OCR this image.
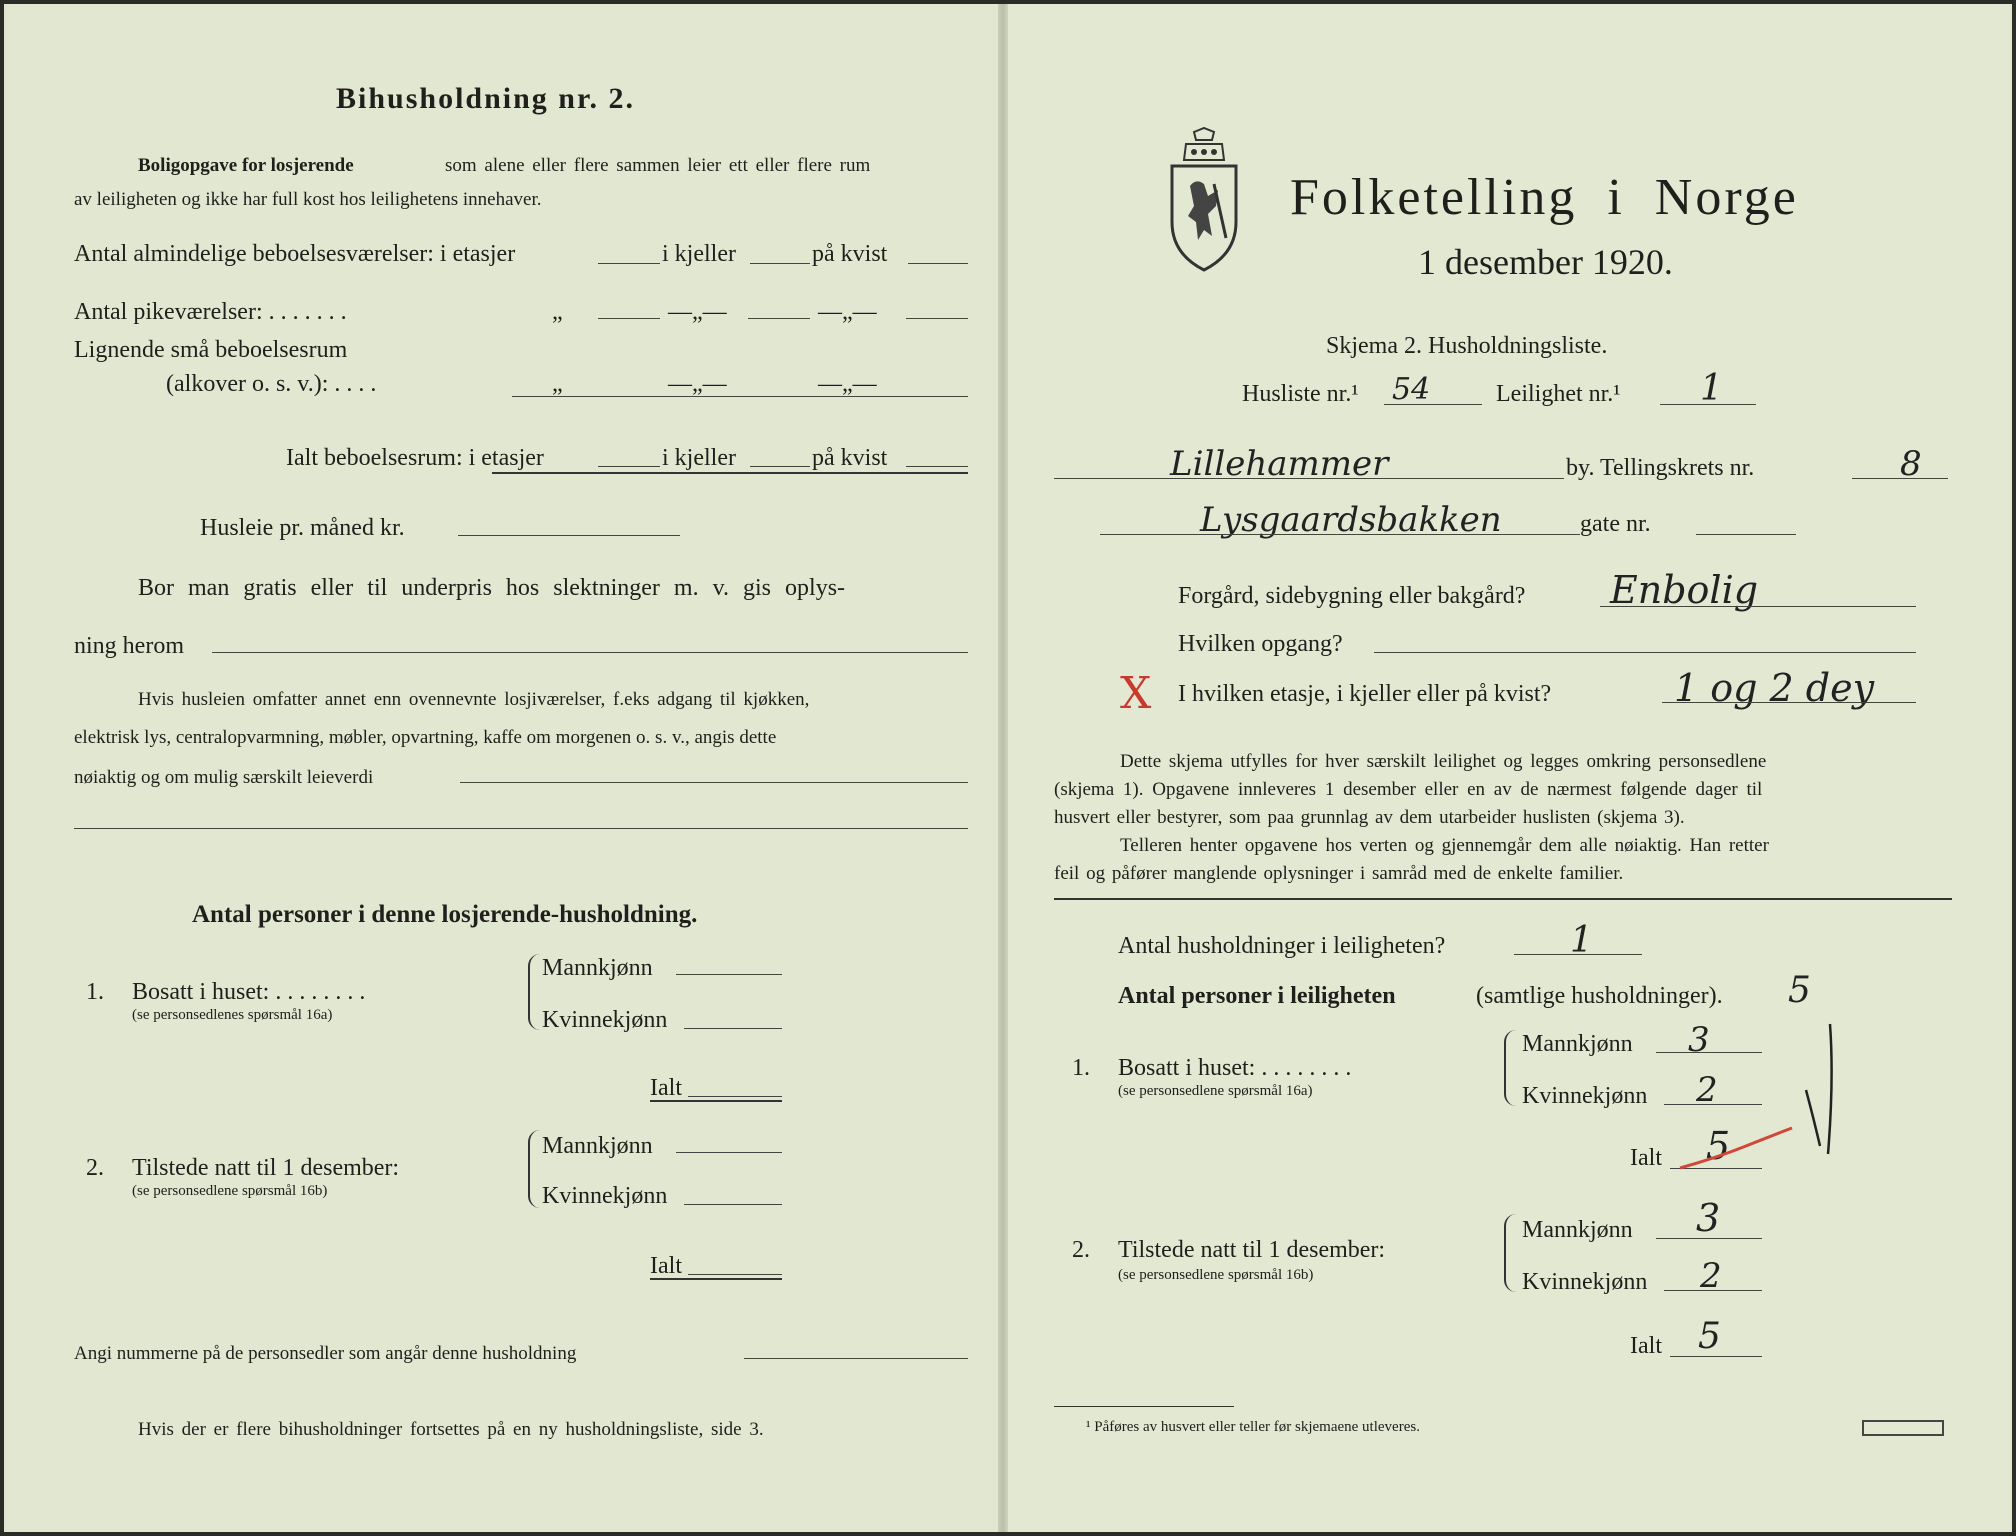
Bihusholdning nr. 2.
Boligopgave for losjerende	som alene eller flere sammen leier ett eller flere rum
av leiligheten og ikke har full kost hos leilighetens innehaver.
Antal almindelige beboelsesværelser: i etasjer	i kjeller	på kvist
Antal pikeværelser: . . . . . . .	„	—„—	—„—
Lignende små beboelsesrum
(alkover o. s. v.): . . . .	„	—„—	—„—
Ialt beboelsesrum: i etasjer	i kjeller	på kvist
Husleie pr. måned kr.
Bor man gratis eller til underpris hos slektninger m. v. gis oplys-
ning herom
Hvis husleien omfatter annet enn ovennevnte losjiværelser, f.eks adgang til kjøkken,
elektrisk lys, centralopvarmning, møbler, opvartning, kaffe om morgenen o. s. v., angis dette
nøiaktig og om mulig særskilt leieverdi
Antal personer i denne losjerende-husholdning.
1. Bosatt i huset: . . . . . . . .
(se personsedlenes spørsmål 16a)
Mannkjønn
Kvinnekjønn
Ialt
2. Tilstede natt til 1 desember:
(se personsedlene spørsmål 16b)
Mannkjønn
Kvinnekjønn
Ialt
Angi nummerne på de personsedler som angår denne husholdning
Hvis der er flere bihusholdninger fortsettes på en ny husholdningsliste, side 3.
Folketelling i Norge
1 desember 1920.
Skjema 2. Husholdningsliste.
Husliste nr.¹ 54	Leilighet nr.¹ 1
Lillehammer	by. Tellingskrets nr.	8
Lysgaardsbakken	gate nr.
Forgård, sidebygning eller bakgård? Enbolig
Hvilken opgang?
X I hvilken etasje, i kjeller eller på kvist?	1 og 2 dey
Dette skjema utfylles for hver særskilt leilighet og legges omkring personsedlene
(skjema 1). Opgavene innleveres 1 desember eller en av de nærmest følgende dager til
husvert eller bestyrer, som paa grunnlag av dem utarbeider huslisten (skjema 3).
Telleren henter opgavene hos verten og gjennemgår dem alle nøiaktig. Han retter
feil og påfører manglende oplysninger i samråd med de enkelte familier.
Antal husholdninger i leiligheten?	1
Antal personer i leiligheten	(samtlige husholdninger). 5
1. Bosatt i huset: . . . . . . . .
(se personsedlene spørsmål 16a)
Mannkjønn 3
Kvinnekjønn 2
Ialt 5
2. Tilstede natt til 1 desember:
(se personsedlene spørsmål 16b)
Mannkjønn 3
Kvinnekjønn 2
Ialt 5
¹ Påføres av husvert eller teller før skjemaene utleveres.
